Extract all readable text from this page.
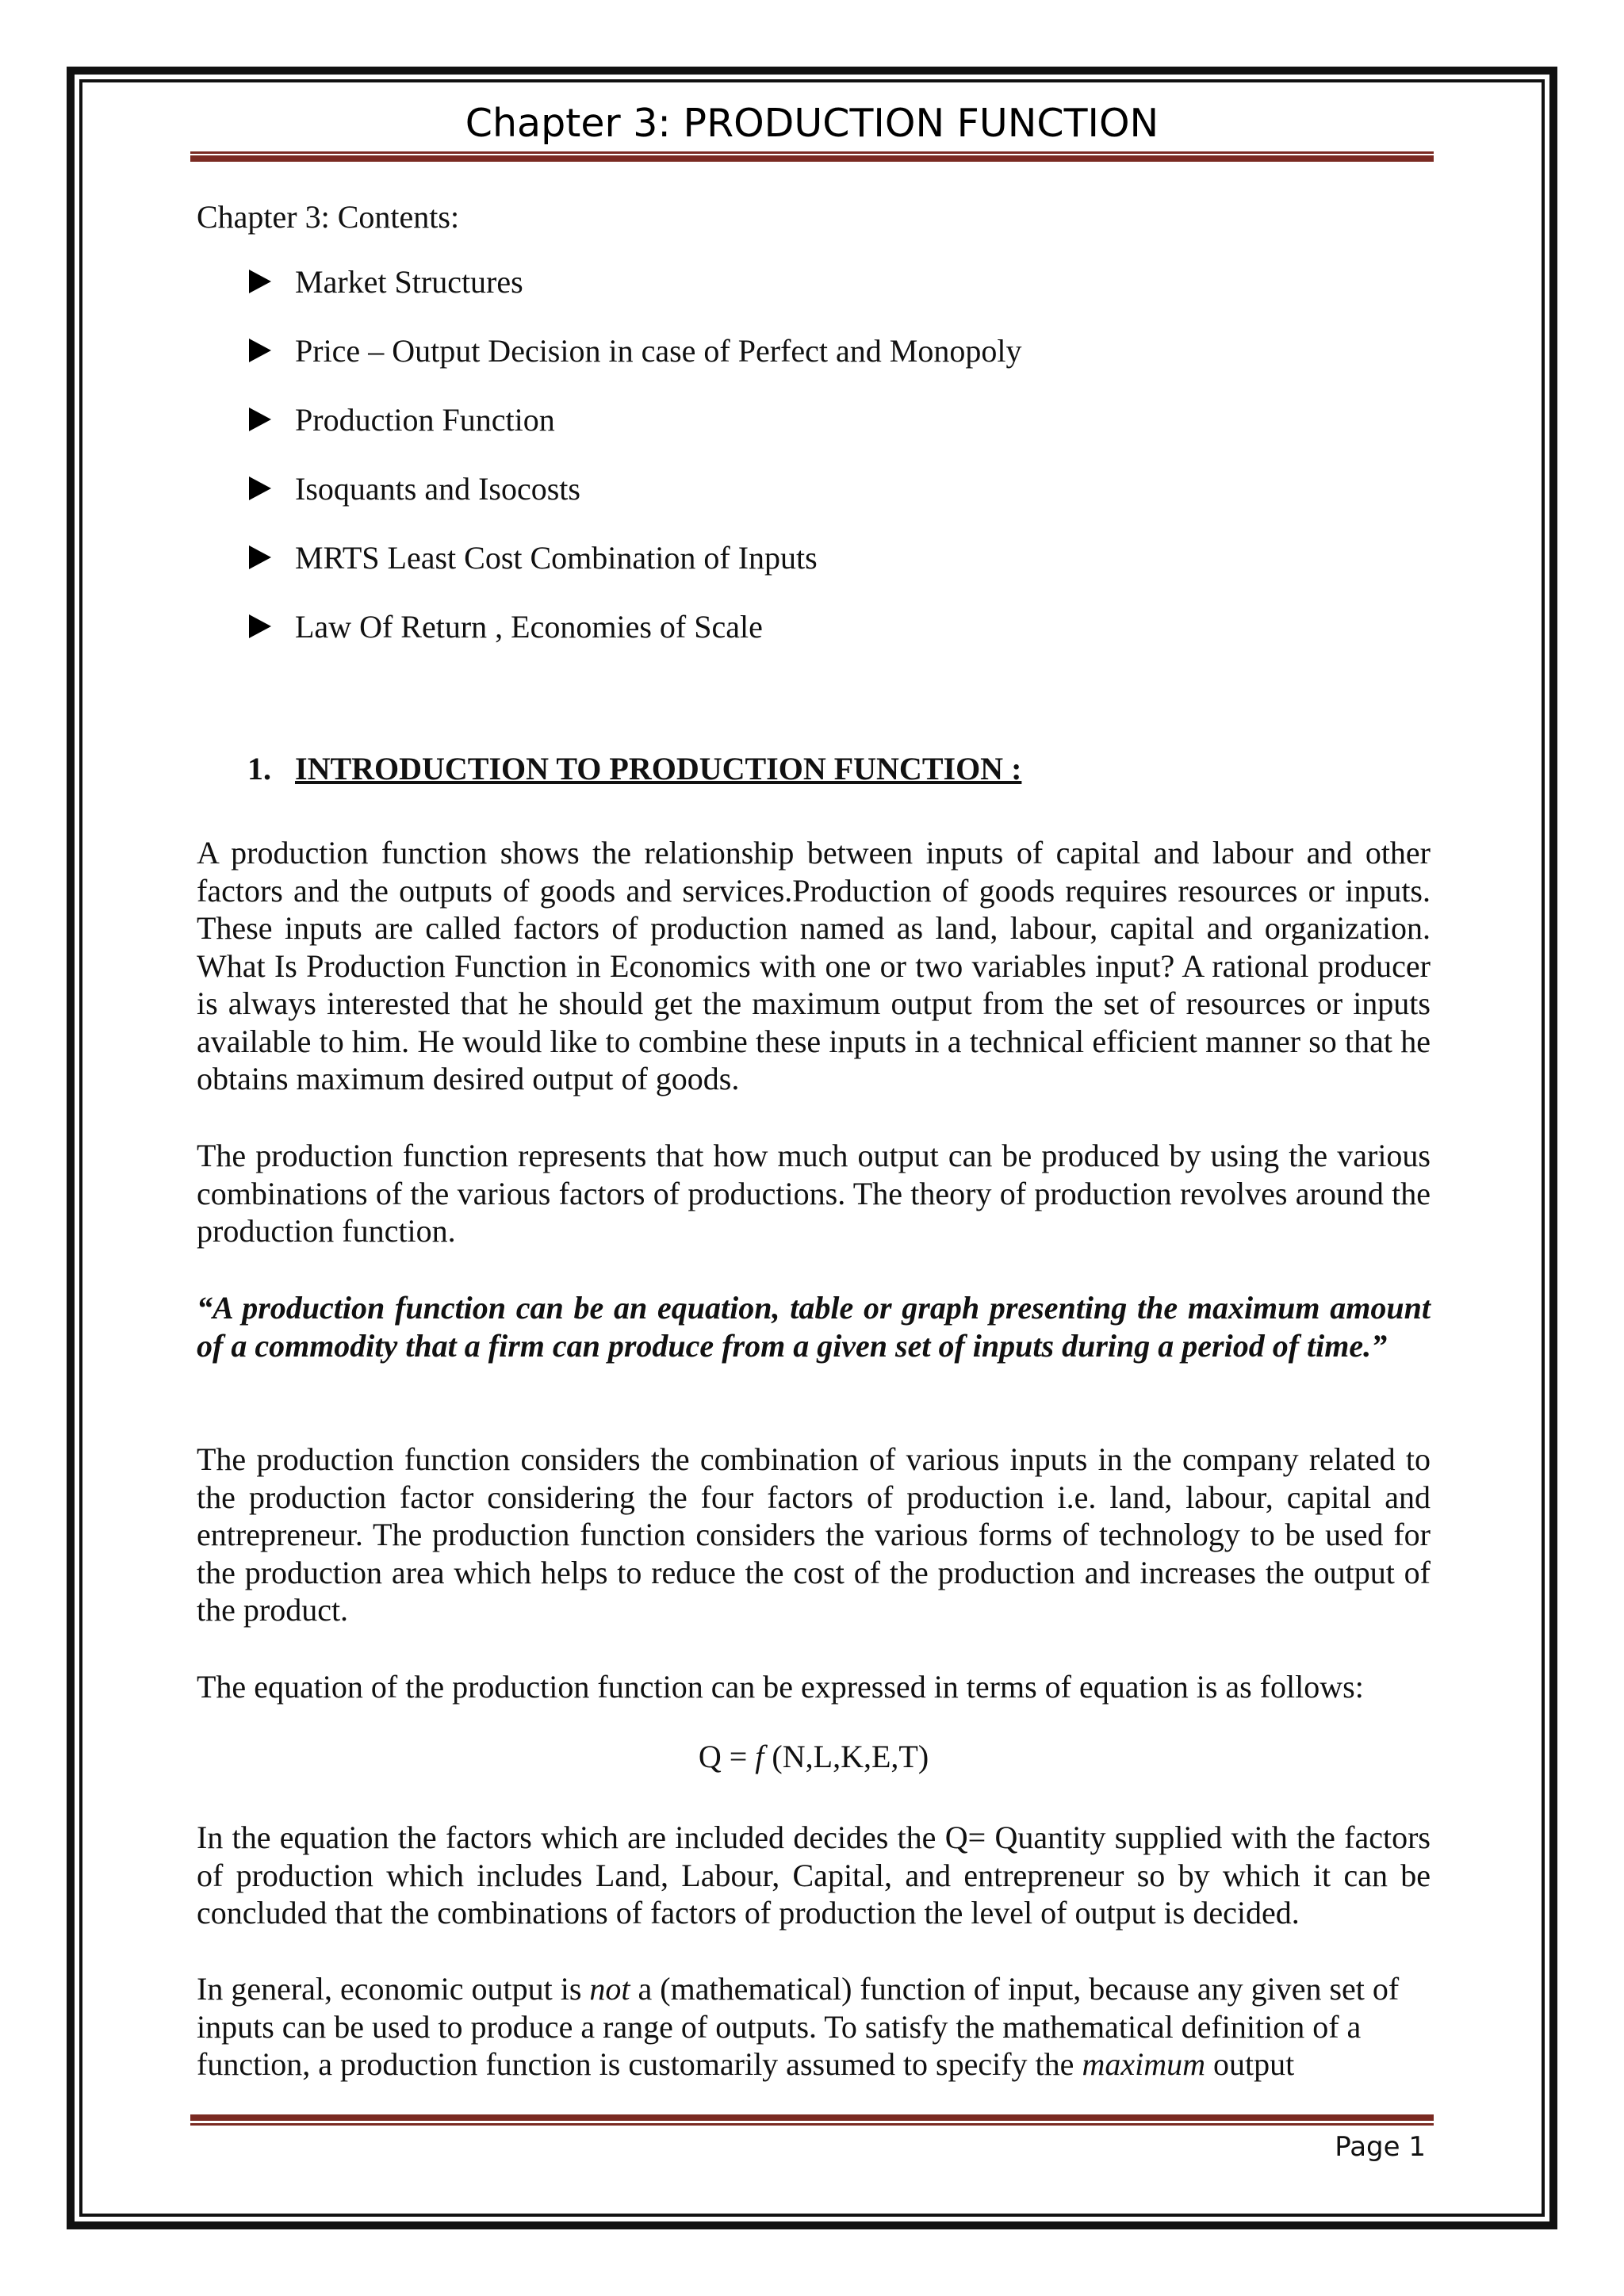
Chapter 3: PRODUCTION FUNCTION
Chapter 3: Contents:
Market Structures
Price – Output Decision in case of Perfect and Monopoly
Production Function
Isoquants and Isocosts
MRTS Least Cost Combination of Inputs
Law Of Return , Economies of Scale
1. INTRODUCTION TO PRODUCTION FUNCTION :

A production function shows the relationship between inputs of capital and labour and other factors and the outputs of goods and services.Production of goods requires resources or inputs. These inputs are called factors of production named as land, labour, capital and organization. What Is Production Function in Economics with one or two variables input? A rational producer is always interested that he should get the maximum output from the set of resources or inputs available to him. He would like to combine these inputs in a technical efficient manner so that he obtains maximum desired output of goods.

The production function represents that how much output can be produced by using the various combinations of the various factors of productions. The theory of production revolves around the production function.

“A production function can be an equation, table or graph presenting the maximum amount of a commodity that a firm can produce from a given set of inputs during a period of time.”

The production function considers the combination of various inputs in the company related to the production factor considering the four factors of production i.e. land, labour, capital and entrepreneur. The production function considers the various forms of technology to be used for the production area which helps to reduce the cost of the production and increases the output of the product.

The equation of the production function can be expressed in terms of equation is as follows:

Q = f (N,L,K,E,T)

In the equation the factors which are included decides the Q= Quantity supplied with the factors of production which includes Land, Labour, Capital, and entrepreneur so by which it can be concluded that the combinations of factors of production the level of output is decided.

In general, economic output is not a (mathematical) function of input, because any given set of inputs can be used to produce a range of outputs. To satisfy the mathematical definition of a function, a production function is customarily assumed to specify the maximum output

Page 1
